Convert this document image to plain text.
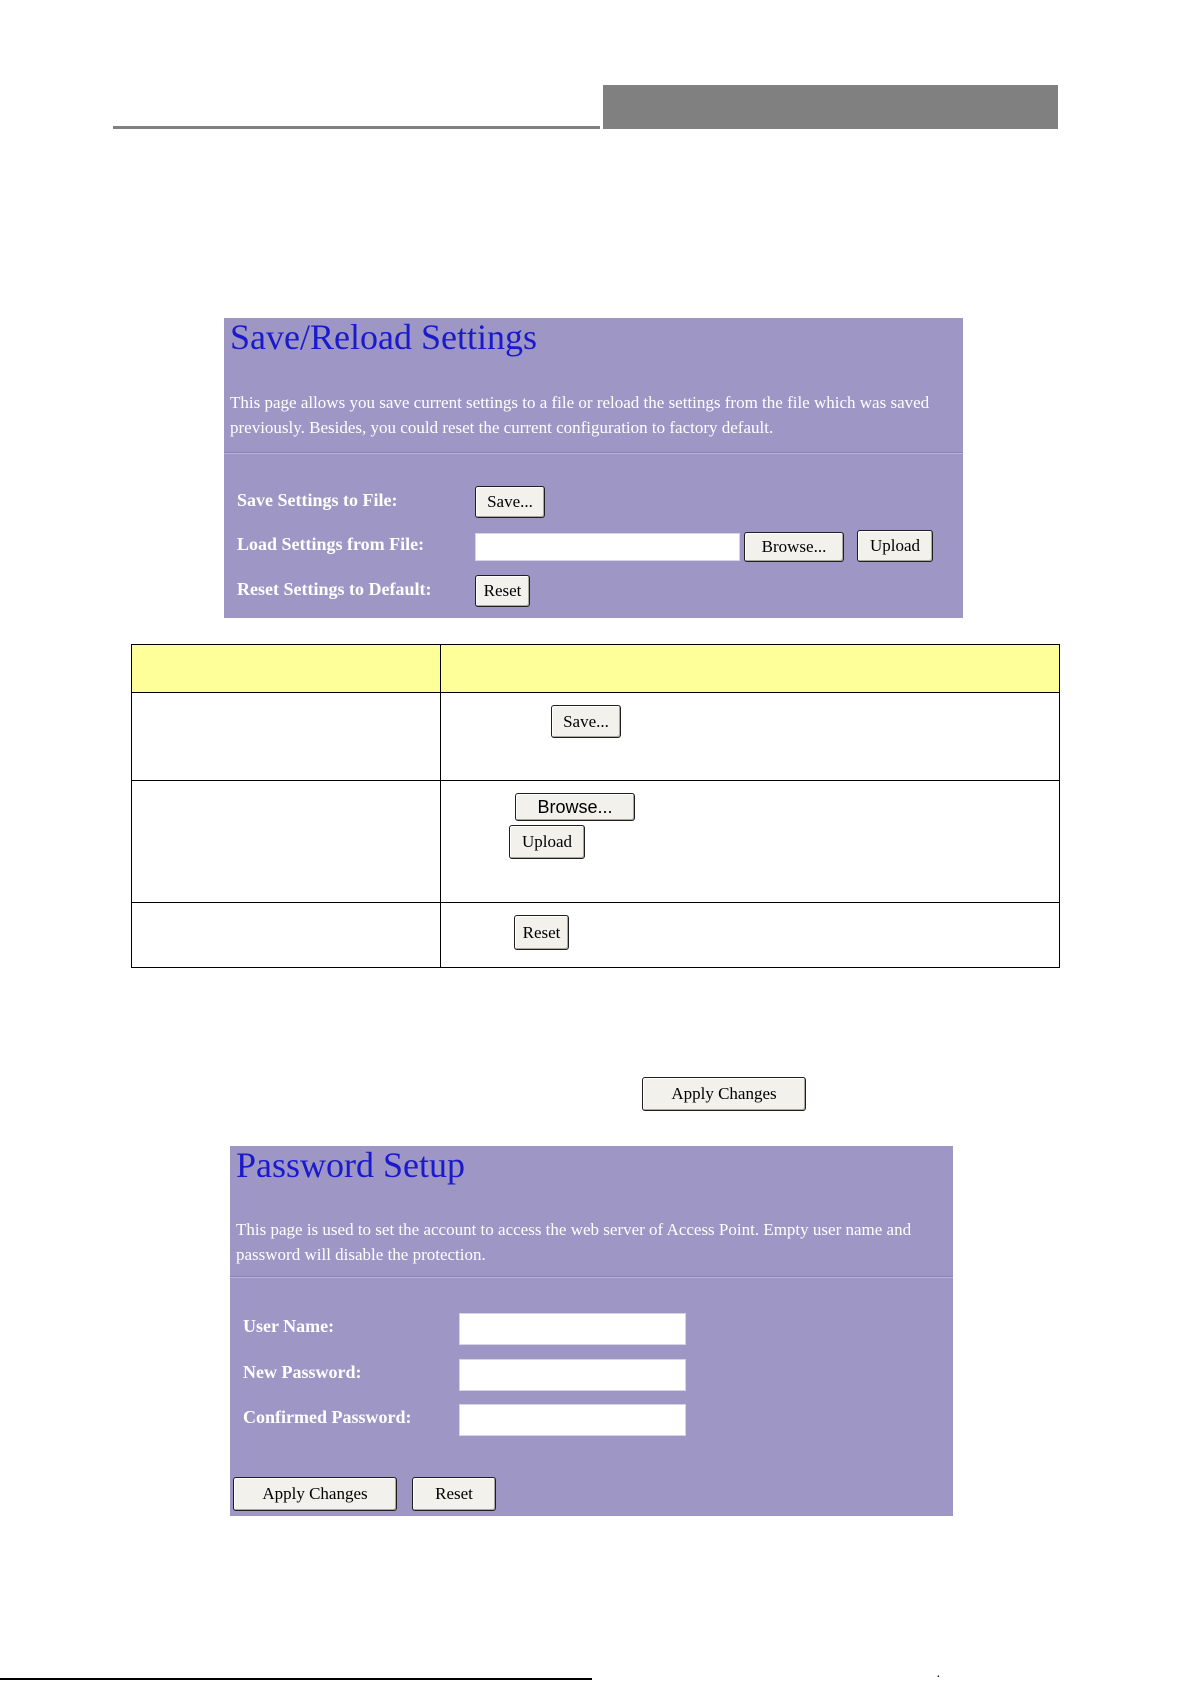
Save/Reload Settings
This page allows you save current settings to a file or reload the settings from the file which was saved previously. Besides, you could reset the current configuration to factory default.
Save Settings to File:	Save...
Load Settings from File:	Browse...	Upload
Reset Settings to Default:	Reset

Save...

Browse...
Upload

Reset
Apply Changes
Password Setup
This page is used to set the account to access the web server of Access Point. Empty user name and password will disable the protection.
User Name:
New Password:
Confirmed Password:
Apply Changes	Reset
·
